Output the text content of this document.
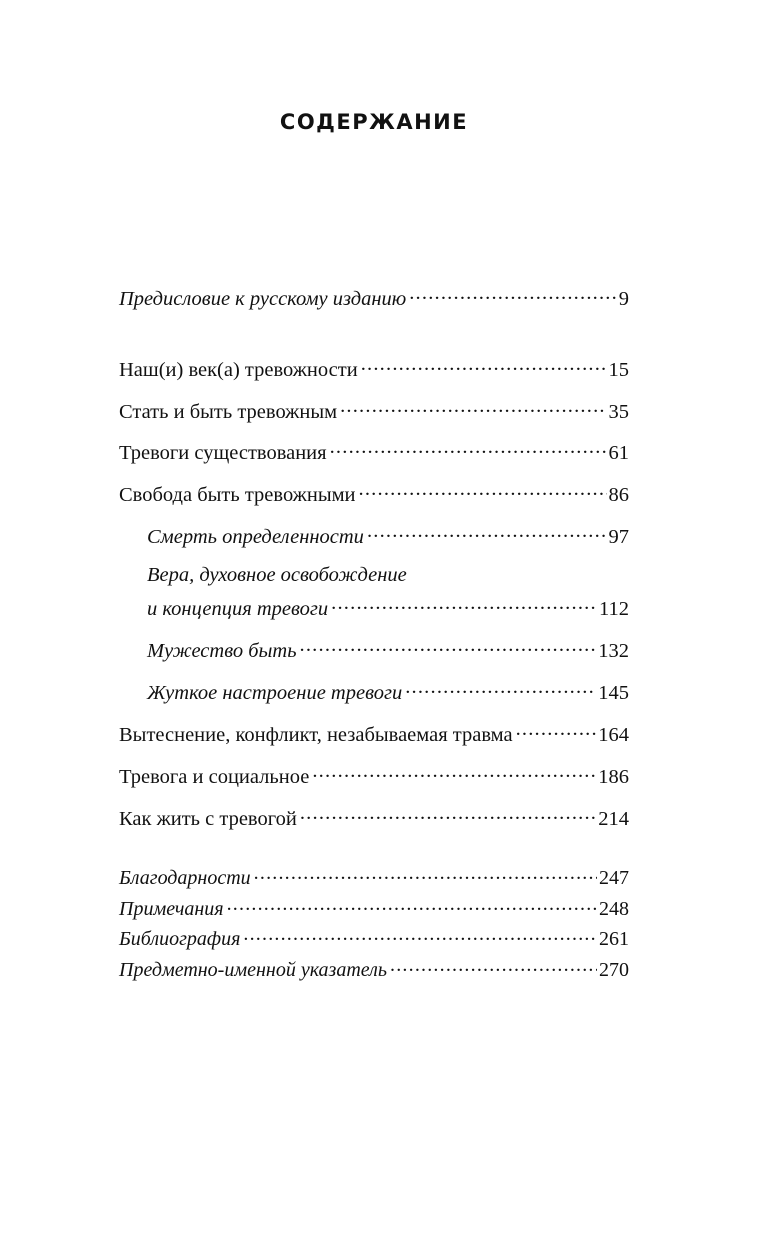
СОДЕРЖАНИЕ
Предисловие к русскому изданию .....	9
Наш(и) век(а) тревожности .....	15
Стать и быть тревожным .....	35
Тревоги существования .....	61
Свобода быть тревожными .....	86
Смерть определенности .....	97
Вера, духовное освобождение
и концепция тревоги .....	112
Мужество быть .....	132
Жуткое настроение тревоги .....	145
Вытеснение, конфликт, незабываемая травма .....	164
Тревога и социальное .....	186
Как жить с тревогой .....	214
Благодарности .....	247
Примечания .....	248
Библиография .....	261
Предметно-именной указатель .....	270
